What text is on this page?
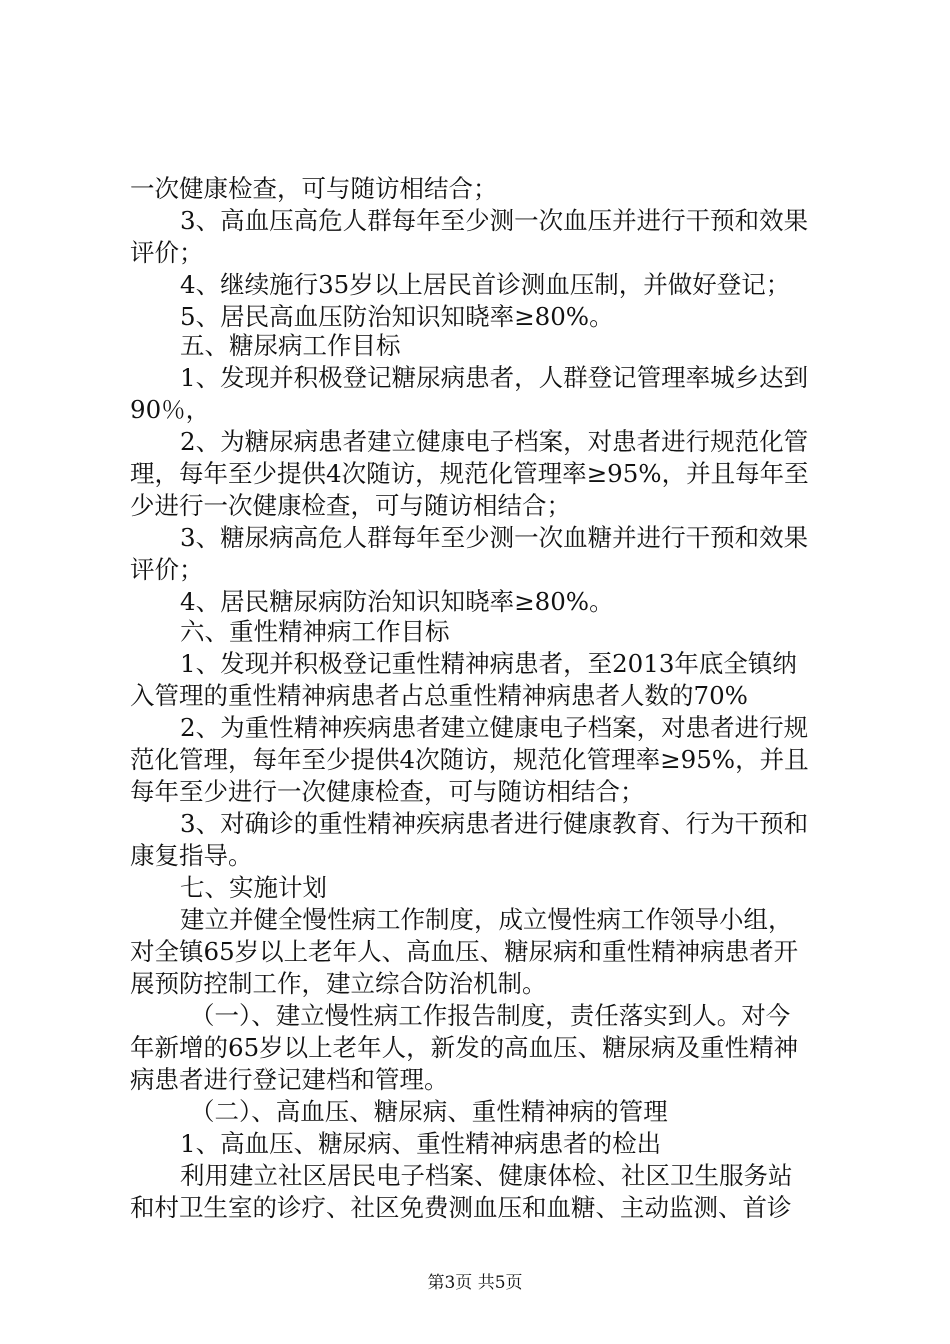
一次健康检查，可与随访相结合；
3、高血压高危人群每年至少测一次血压并进行干预和效果
评价；
4、继续施行35岁以上居民首诊测血压制，并做好登记；
5、居民高血压防治知识知晓率≥80%。
五、糖尿病工作目标
1、发现并积极登记糖尿病患者，人群登记管理率城乡达到
90％，
2、为糖尿病患者建立健康电子档案，对患者进行规范化管
理，每年至少提供4次随访，规范化管理率≥95%，并且每年至
少进行一次健康检查，可与随访相结合；
3、糖尿病高危人群每年至少测一次血糖并进行干预和效果
评价；
4、居民糖尿病防治知识知晓率≥80%。
六、重性精神病工作目标
1、发现并积极登记重性精神病患者，至2013年底全镇纳
入管理的重性精神病患者占总重性精神病患者人数的70%
2、为重性精神疾病患者建立健康电子档案，对患者进行规
范化管理，每年至少提供4次随访，规范化管理率≥95%，并且
每年至少进行一次健康检查，可与随访相结合；
3、对确诊的重性精神疾病患者进行健康教育、行为干预和
康复指导。
七、实施计划
建立并健全慢性病工作制度，成立慢性病工作领导小组，
对全镇65岁以上老年人、高血压、糖尿病和重性精神病患者开
展预防控制工作，建立综合防治机制。
（一）、建立慢性病工作报告制度，责任落实到人。对今
年新增的65岁以上老年人，新发的高血压、糖尿病及重性精神
病患者进行登记建档和管理。
（二）、高血压、糖尿病、重性精神病的管理
1、高血压、糖尿病、重性精神病患者的检出
利用建立社区居民电子档案、健康体检、社区卫生服务站
和村卫生室的诊疗、社区免费测血压和血糖、主动监测、首诊
第3页 共5页
